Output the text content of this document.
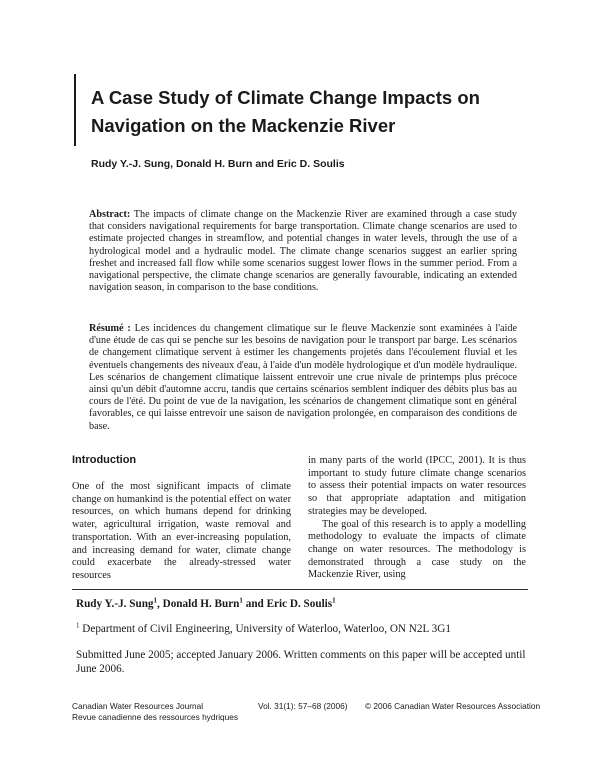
A Case Study of Climate Change Impacts on
Navigation on the Mackenzie River
Rudy Y.-J. Sung, Donald H. Burn and Eric D. Soulis
Abstract: The impacts of climate change on the Mackenzie River are examined through a case study that considers navigational requirements for barge transportation. Climate change scenarios are used to estimate projected changes in streamflow, and potential changes in water levels, through the use of a hydrological model and a hydraulic model. The climate change scenarios suggest an earlier spring freshet and increased fall flow while some scenarios suggest lower flows in the summer period. From a navigational perspective, the climate change scenarios are generally favourable, indicating an extended navigation season, in comparison to the base conditions.
Résumé : Les incidences du changement climatique sur le fleuve Mackenzie sont examinées à l'aide d'une étude de cas qui se penche sur les besoins de navigation pour le transport par barge. Les scénarios de changement climatique servent à estimer les changements projetés dans l'écoulement fluvial et les éventuels changements des niveaux d'eau, à l'aide d'un modèle hydrologique et d'un modèle hydraulique. Les scénarios de changement climatique laissent entrevoir une crue nivale de printemps plus précoce ainsi qu'un débit d'automne accru, tandis que certains scénarios semblent indiquer des débits plus bas au cours de l'été. Du point de vue de la navigation, les scénarios de changement climatique sont en général favorables, ce qui laisse entrevoir une saison de navigation prolongée, en comparaison des conditions de base.
Introduction
One of the most significant impacts of climate change on humankind is the potential effect on water resources, on which humans depend for drinking water, agricultural irrigation, waste removal and transportation. With an ever-increasing population, and increasing demand for water, climate change could exacerbate the already-stressed water resources

in many parts of the world (IPCC, 2001). It is thus important to study future climate change scenarios to assess their potential impacts on water resources so that appropriate adaptation and mitigation strategies may be developed.

The goal of this research is to apply a modelling methodology to evaluate the impacts of climate change on water resources. The methodology is demonstrated through a case study on the Mackenzie River, using

Rudy Y.-J. Sung$^1$, Donald H. Burn$^1$ and Eric D. Soulis$^1$
$^1$ Department of Civil Engineering, University of Waterloo, Waterloo, ON N2L 3G1
Submitted June 2005; accepted January 2006. Written comments on this paper will be accepted until June 2006.
Canadian Water Resources Journal
Revue canadienne des ressources hydriques
Vol. 31(1): 57–68 (2006) © 2006 Canadian Water Resources Association
